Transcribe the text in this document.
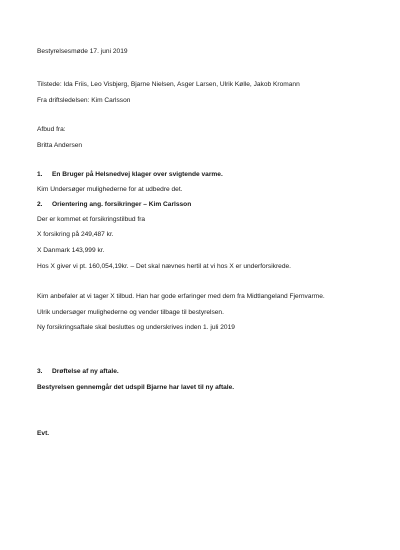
Bestyrelsesmøde 17. juni 2019
Tilstede: Ida Friis, Leo Visbjerg, Bjarne Nielsen, Asger Larsen, Ulrik Kølle, Jakob Kromann
Fra driftsledelsen: Kim Carlsson
Afbud fra:
Britta Andersen
1. En Bruger på Helsnedvej klager over svigtende varme.
Kim Undersøger mulighederne for at udbedre det.
2. Orientering ang. forsikringer – Kim Carlsson
Der er kommet et forsikringstilbud fra
X forsikring på 249,487 kr.
X Danmark 143,999 kr.
Hos X giver vi pt. 160,054,19kr. – Det skal nævnes hertil at vi hos X er underforsikrede.
Kim anbefaler at vi tager X tilbud. Han har gode erfaringer med dem fra Midtlangeland Fjernvarme.
Ulrik undersøger mulighederne og vender tilbage til bestyrelsen.
Ny forsikringsaftale skal besluttes og underskrives inden 1. juli 2019
3. Drøftelse af ny aftale.
Bestyrelsen gennemgår det udspil Bjarne har lavet til ny aftale.
Evt.
